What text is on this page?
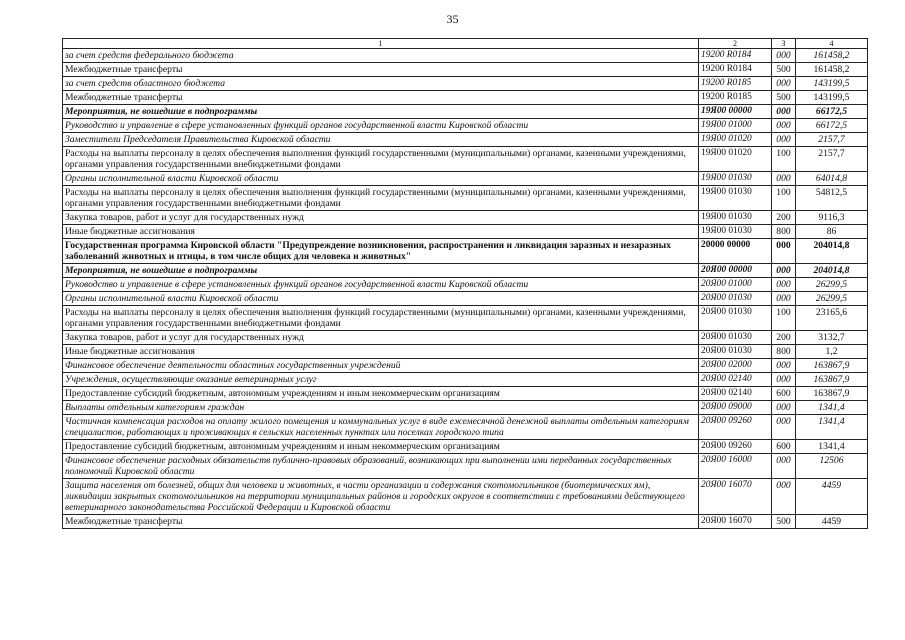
35
1	2	3	4
за счет средств федерального бюджета	19200 R0184	000	161458,2
Межбюджетные трансферты	19200 R0184	500	161458,2
за счет средств областного бюджета	19200 R0185	000	143199,5
Межбюджетные трансферты	19200 R0185	500	143199,5
Мероприятия, не вошедшие в подпрограммы	19Я00 00000	000	66172,5
Руководство и управление в сфере установленных функций органов государственной власти Кировской области	19Я00 01000	000	66172,5
Заместители Председателя Правительства Кировской области	19Я00 01020	000	2157,7
Расходы на выплаты персоналу в целях обеспечения выполнения функций государственными (муниципальными) органами, казенными учреждениями, органами управления государственными внебюджетными фондами	19Я00 01020	100	2157,7
Органы исполнительной власти Кировской области	19Я00 01030	000	64014,8
Расходы на выплаты персоналу в целях обеспечения выполнения функций государственными (муниципальными) органами, казенными учреждениями, органами управления государственными внебюджетными фондами	19Я00 01030	100	54812,5
Закупка товаров, работ и услуг для государственных нужд	19Я00 01030	200	9116,3
Иные бюджетные ассигнования	19Я00 01030	800	86
Государственная программа Кировской области "Предупреждение возникновения, распространения и ликвидация заразных и незаразных заболеваний животных и птицы, в том числе общих для человека и животных"	20000 00000	000	204014,8
Мероприятия, не вошедшие в подпрограммы	20Я00 00000	000	204014,8
Руководство и управление в сфере установленных функций органов государственной власти Кировской области	20Я00 01000	000	26299,5
Органы исполнительной власти Кировской области	20Я00 01030	000	26299,5
Расходы на выплаты персоналу в целях обеспечения выполнения функций государственными (муниципальными) органами, казенными учреждениями, органами управления государственными внебюджетными фондами	20Я00 01030	100	23165,6
Закупка товаров, работ и услуг для государственных нужд	20Я00 01030	200	3132,7
Иные бюджетные ассигнования	20Я00 01030	800	1,2
Финансовое обеспечение деятельности областных государственных учреждений	20Я00 02000	000	163867,9
Учреждения, осуществляющие оказание ветеринарных услуг	20Я00 02140	000	163867,9
Предоставление субсидий бюджетным, автономным учреждениям и иным некоммерческим организациям	20Я00 02140	600	163867,9
Выплаты отдельным категориям граждан	20Я00 09000	000	1341,4
Частичная компенсация расходов на оплату жилого помещения и коммунальных услуг в виде ежемесячной денежной выплаты отдельным категориям специалистов, работающих и проживающих в сельских населенных пунктах или поселках городского типа	20Я00 09260	000	1341,4
Предоставление субсидий бюджетным, автономным учреждениям и иным некоммерческим организациям	20Я00 09260	600	1341,4
Финансовое обеспечение расходных обязательств публично-правовых образований, возникающих при выполнении ими переданных государственных полномочий Кировской области	20Я00 16000	000	12506
Защита населения от болезней, общих для человека и животных, в части организации и содержания скотомогильников (биотермических ям), ликвидации закрытых скотомогильников на территории муниципальных районов и городских округов в соответствии с требованиями действующего ветеринарного законодательства Российской Федерации и Кировской области	20Я00 16070	000	4459
Межбюджетные трансферты	20Я00 16070	500	4459
